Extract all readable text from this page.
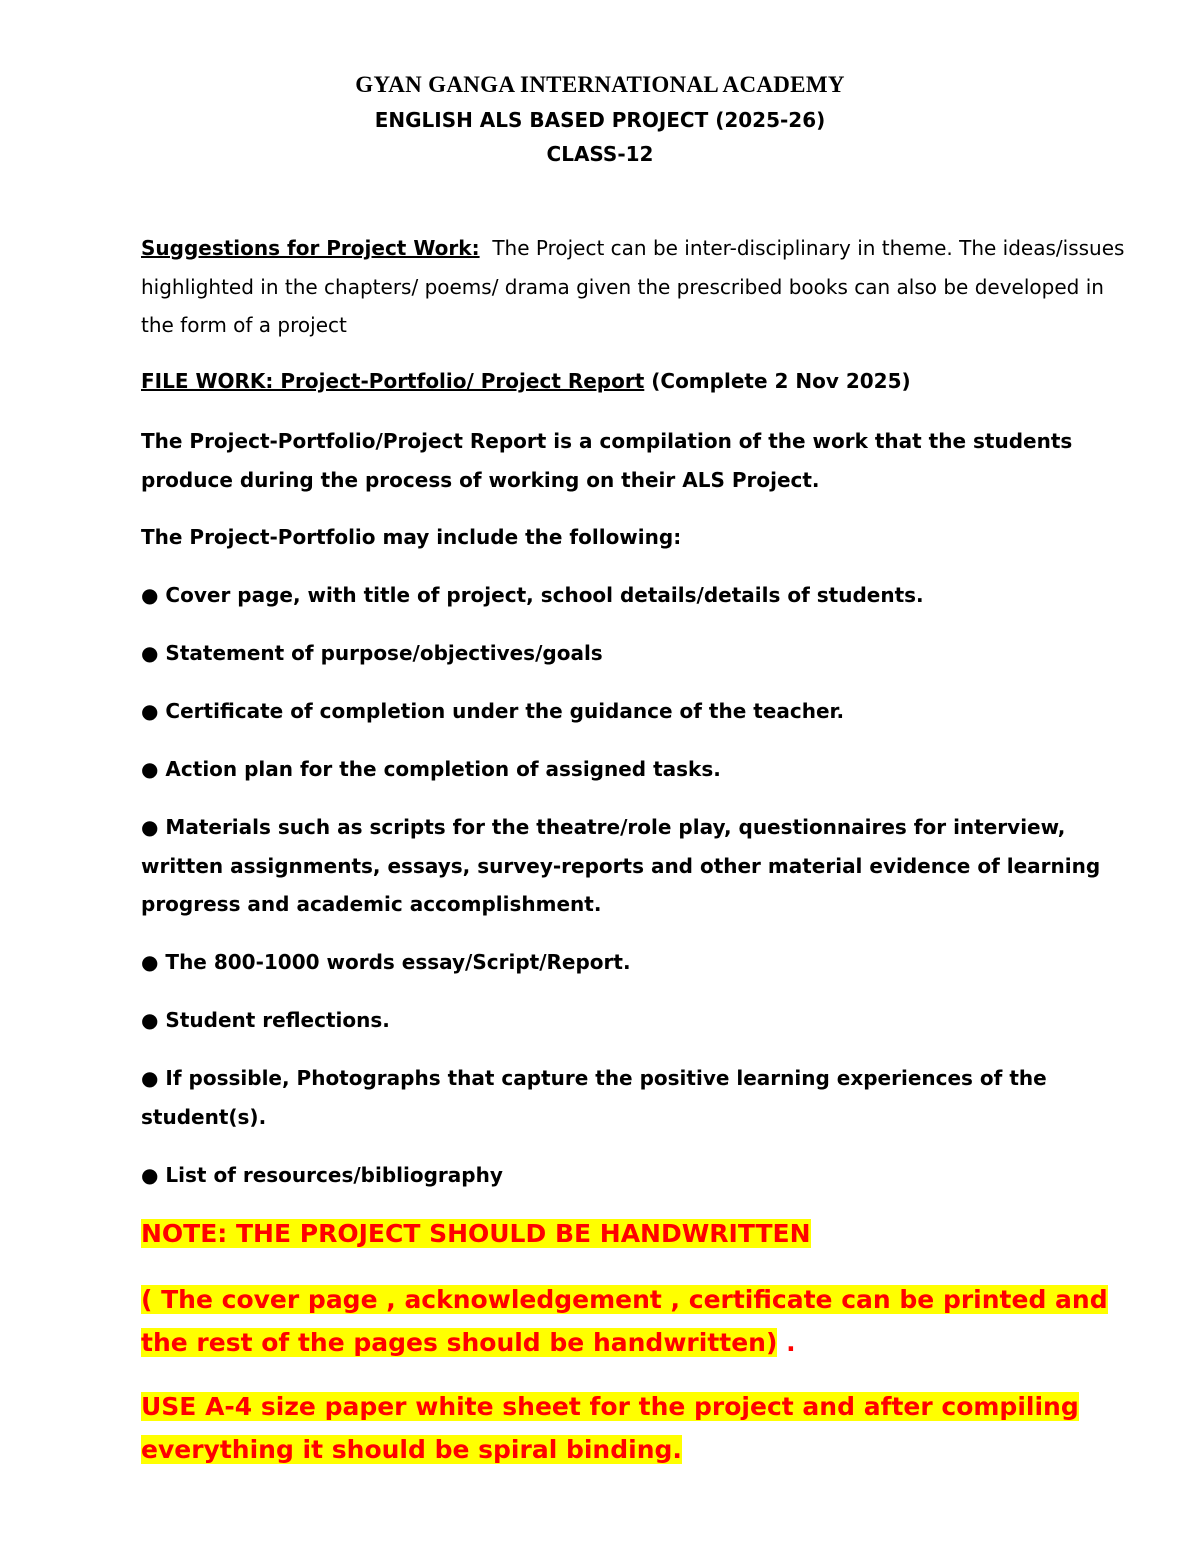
GYAN GANGA INTERNATIONAL ACADEMY
ENGLISH ALS BASED PROJECT (2025-26)
CLASS-12
Suggestions for Project Work: The Project can be inter-disciplinary in theme. The ideas/issues highlighted in the chapters/ poems/ drama given the prescribed books can also be developed in the form of a project
FILE WORK: Project-Portfolio/ Project Report (Complete 2 Nov 2025)
The Project-Portfolio/Project Report is a compilation of the work that the students produce during the process of working on their ALS Project.
The Project-Portfolio may include the following:
● Cover page, with title of project, school details/details of students.
● Statement of purpose/objectives/goals
● Certificate of completion under the guidance of the teacher.
● Action plan for the completion of assigned tasks.
● Materials such as scripts for the theatre/role play, questionnaires for interview, written assignments, essays, survey-reports and other material evidence of learning progress and academic accomplishment.
● The 800-1000 words essay/Script/Report.
● Student reflections.
● If possible, Photographs that capture the positive learning experiences of the student(s).
● List of resources/bibliography
NOTE: THE PROJECT SHOULD BE HANDWRITTEN
( The cover page , acknowledgement , certificate can be printed and the rest of the pages should be handwritten) .
USE A-4 size paper white sheet for the project and after compiling everything it should be spiral binding.
